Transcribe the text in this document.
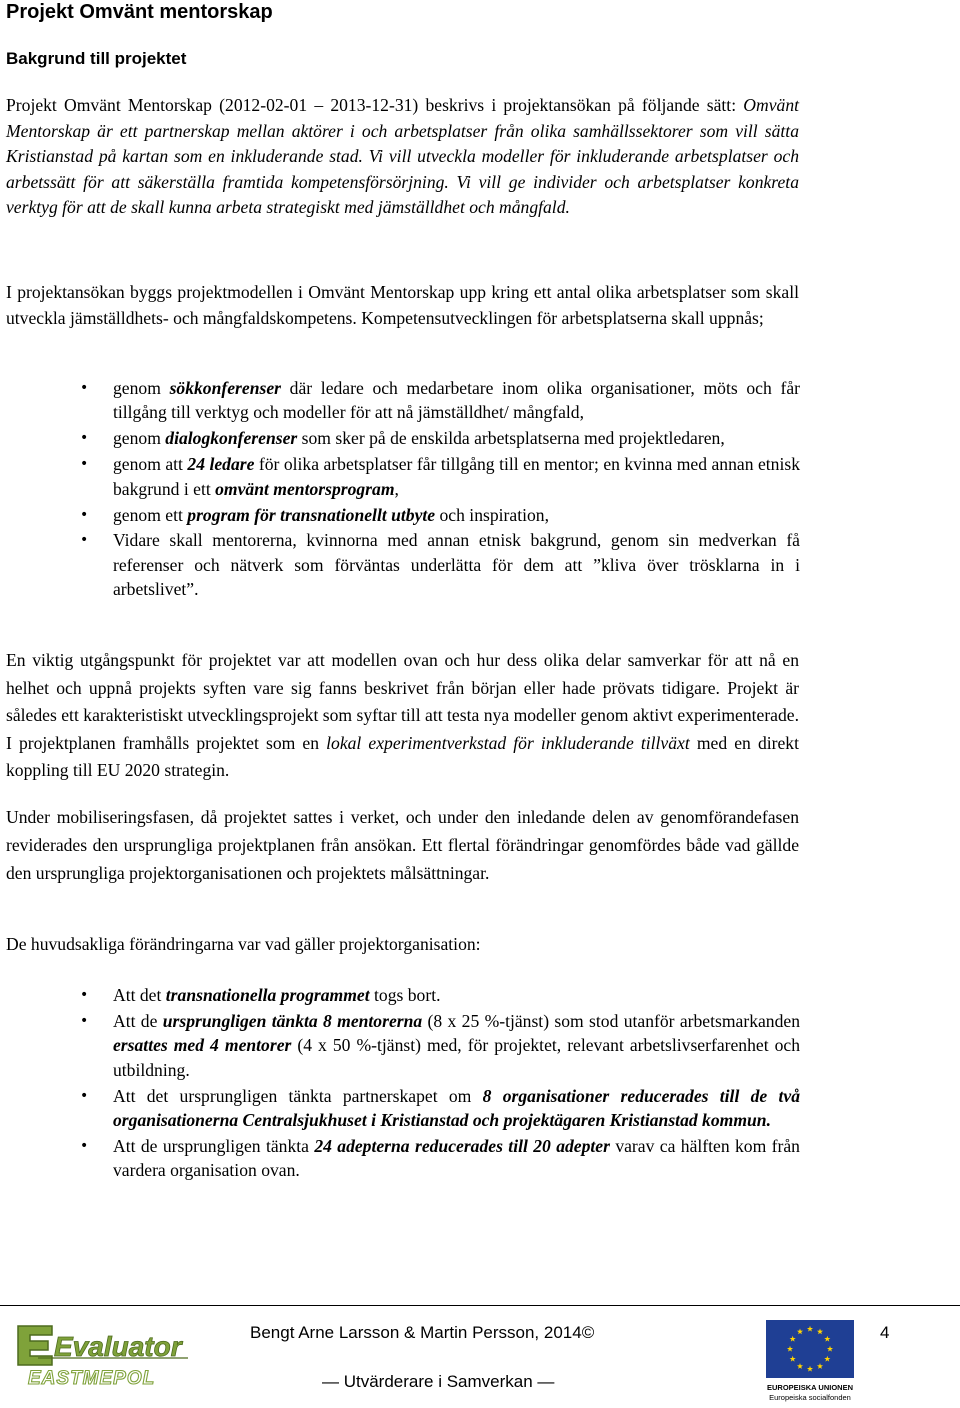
Projekt Omvänt mentorskap
Bakgrund till projektet

Projekt Omvänt Mentorskap (2012-02-01 – 2013-12-31) beskrivs i projektansökan på följande sätt: Omvänt Mentorskap är ett partnerskap mellan aktörer i och arbetsplatser från olika samhällssektorer som vill sätta Kristianstad på kartan som en inkluderande stad. Vi vill utveckla modeller för inkluderande arbetsplatser och arbetssätt för att säkerställa framtida kompetensförsörjning. Vi vill ge individer och arbetsplatser konkreta verktyg för att de skall kunna arbeta strategiskt med jämställdhet och mångfald.

I projektansökan byggs projektmodellen i Omvänt Mentorskap upp kring ett antal olika arbetsplatser som skall utveckla jämställdhets- och mångfaldskompetens. Kompetensutvecklingen för arbetsplatserna skall uppnås;

• genom sökkonferenser där ledare och medarbetare inom olika organisationer, möts och får tillgång till verktyg och modeller för att nå jämställdhet/ mångfald,
• genom dialogkonferenser som sker på de enskilda arbetsplatserna med projektledaren,
• genom att 24 ledare för olika arbetsplatser får tillgång till en mentor; en kvinna med annan etnisk bakgrund i ett omvänt mentorsprogram,
• genom ett program för transnationellt utbyte och inspiration,
• Vidare skall mentorerna, kvinnorna med annan etnisk bakgrund, genom sin medverkan få referenser och nätverk som förväntas underlätta för dem att ”kliva över trösklarna in i arbetslivet”.

En viktig utgångspunkt för projektet var att modellen ovan och hur dess olika delar samverkar för att nå en helhet och uppnå projekts syften vare sig fanns beskrivet från början eller hade prövats tidigare. Projekt är således ett karakteristiskt utvecklingsprojekt som syftar till att testa nya modeller genom aktivt experimenterade. I projektplanen framhålls projektet som en lokal experimentverkstad för inkluderande tillväxt med en direkt koppling till EU 2020 strategin.

Under mobiliseringsfasen, då projektet sattes i verket, och under den inledande delen av genomförandefasen reviderades den ursprungliga projektplanen från ansökan. Ett flertal förändringar genomfördes både vad gällde den ursprungliga projektorganisationen och projektets målsättningar.

De huvudsakliga förändringarna var vad gäller projektorganisation:

• Att det transnationella programmet togs bort.
• Att de ursprungligen tänkta 8 mentorerna (8 x 25 %-tjänst) som stod utanför arbetsmarkanden ersattes med 4 mentorer (4 x 50 %-tjänst) med, för projektet, relevant arbetslivserfarenhet och utbildning.
• Att det ursprungligen tänkta partnerskapet om 8 organisationer reducerades till de två organisationerna Centralsjukhuset i Kristianstad och projektägaren Kristianstad kommun.
• Att de ursprungligen tänkta 24 adepterna reducerades till 20 adepter varav ca hälften kom från vardera organisation ovan.
Evaluator
EASTMEPOL
Bengt Arne Larsson & Martin Persson, 2014©
— Utvärderare i Samverkan —	EUROPEISKA UNIONEN
Europeiska socialfonden
4
